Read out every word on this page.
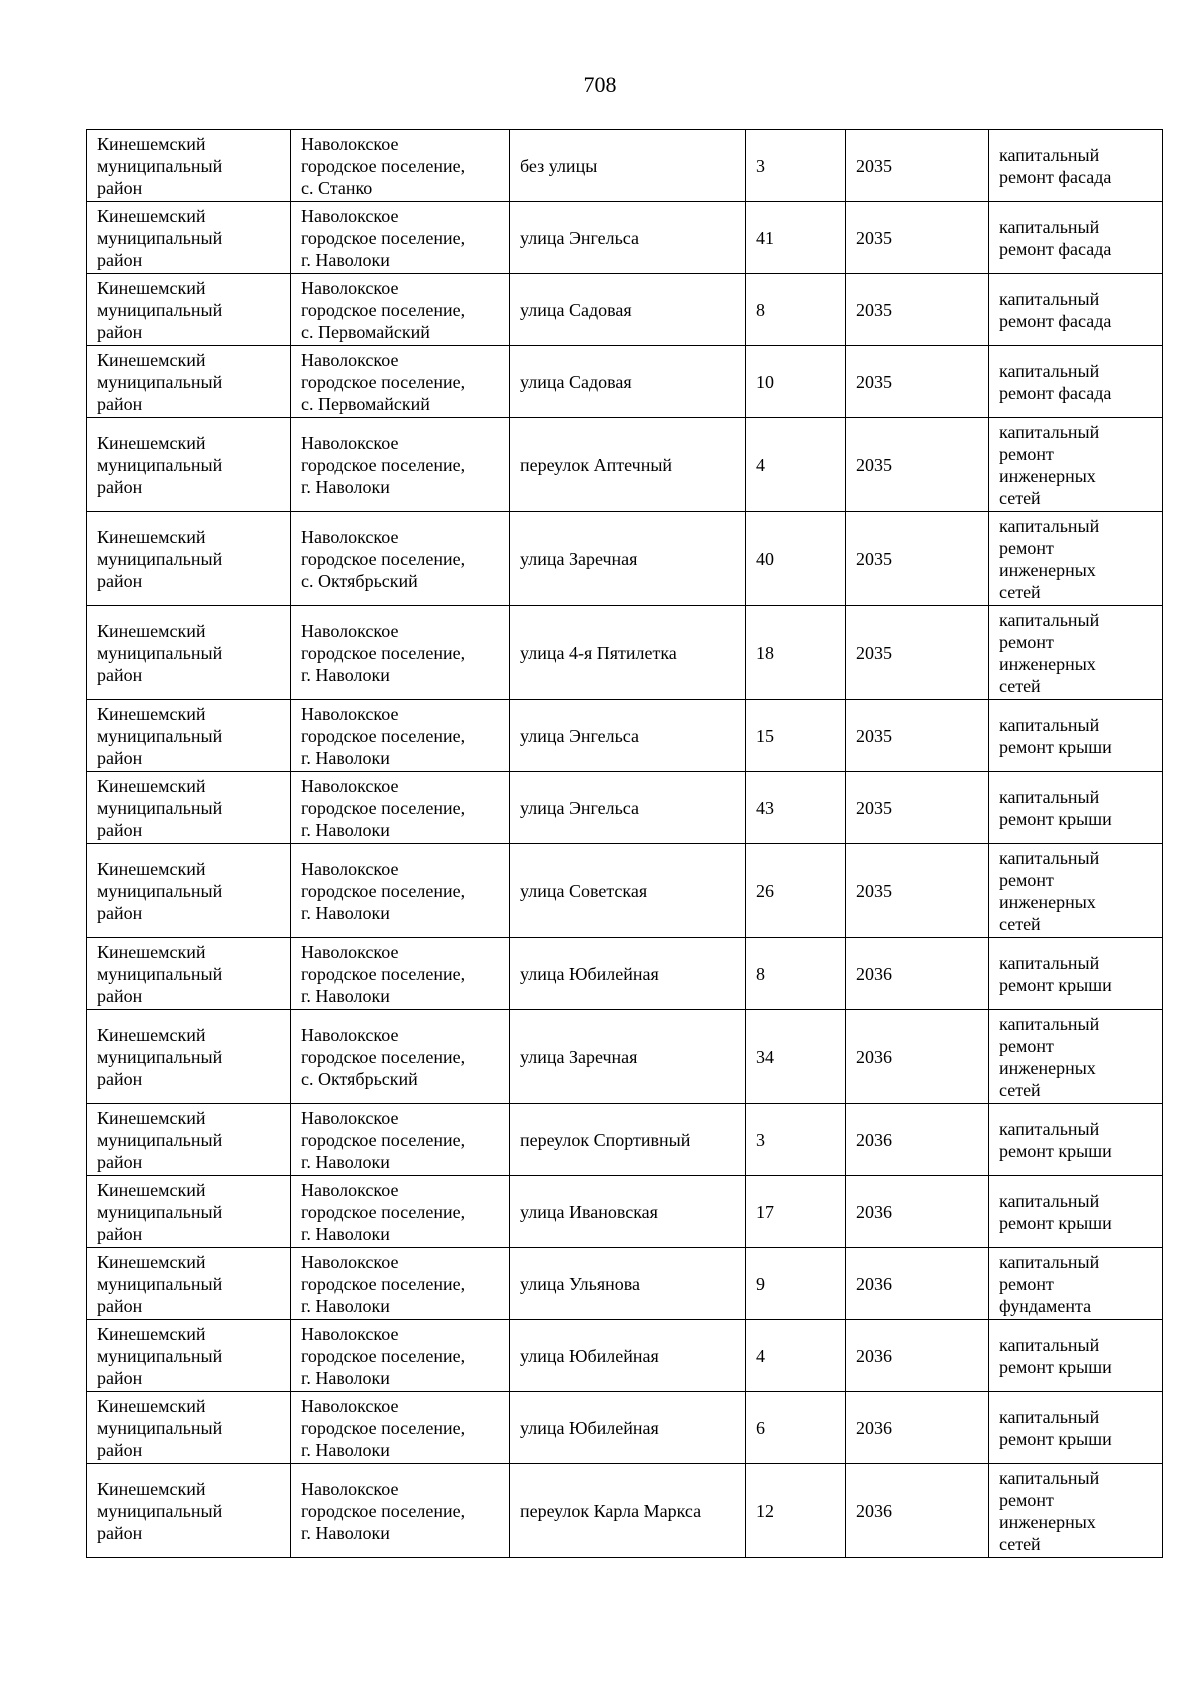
708
Кинешемский
муниципальный
район	Наволокское
городское поселение,
с. Станко	без улицы	3	2035	капитальный
ремонт фасада
Кинешемский
муниципальный
район	Наволокское
городское поселение,
г. Наволоки	улица Энгельса	41	2035	капитальный
ремонт фасада
Кинешемский
муниципальный
район	Наволокское
городское поселение,
с. Первомайский	улица Садовая	8	2035	капитальный
ремонт фасада
Кинешемский
муниципальный
район	Наволокское
городское поселение,
с. Первомайский	улица Садовая	10	2035	капитальный
ремонт фасада
Кинешемский
муниципальный
район	Наволокское
городское поселение,
г. Наволоки	переулок Аптечный	4	2035	капитальный
ремонт
инженерных
сетей
Кинешемский
муниципальный
район	Наволокское
городское поселение,
с. Октябрьский	улица Заречная	40	2035	капитальный
ремонт
инженерных
сетей
Кинешемский
муниципальный
район	Наволокское
городское поселение,
г. Наволоки	улица 4-я Пятилетка	18	2035	капитальный
ремонт
инженерных
сетей
Кинешемский
муниципальный
район	Наволокское
городское поселение,
г. Наволоки	улица Энгельса	15	2035	капитальный
ремонт крыши
Кинешемский
муниципальный
район	Наволокское
городское поселение,
г. Наволоки	улица Энгельса	43	2035	капитальный
ремонт крыши
Кинешемский
муниципальный
район	Наволокское
городское поселение,
г. Наволоки	улица Советская	26	2035	капитальный
ремонт
инженерных
сетей
Кинешемский
муниципальный
район	Наволокское
городское поселение,
г. Наволоки	улица Юбилейная	8	2036	капитальный
ремонт крыши
Кинешемский
муниципальный
район	Наволокское
городское поселение,
с. Октябрьский	улица Заречная	34	2036	капитальный
ремонт
инженерных
сетей
Кинешемский
муниципальный
район	Наволокское
городское поселение,
г. Наволоки	переулок Спортивный	3	2036	капитальный
ремонт крыши
Кинешемский
муниципальный
район	Наволокское
городское поселение,
г. Наволоки	улица Ивановская	17	2036	капитальный
ремонт крыши
Кинешемский
муниципальный
район	Наволокское
городское поселение,
г. Наволоки	улица Ульянова	9	2036	капитальный
ремонт
фундамента
Кинешемский
муниципальный
район	Наволокское
городское поселение,
г. Наволоки	улица Юбилейная	4	2036	капитальный
ремонт крыши
Кинешемский
муниципальный
район	Наволокское
городское поселение,
г. Наволоки	улица Юбилейная	6	2036	капитальный
ремонт крыши
Кинешемский
муниципальный
район	Наволокское
городское поселение,
г. Наволоки	переулок Карла Маркса	12	2036	капитальный
ремонт
инженерных
сетей
